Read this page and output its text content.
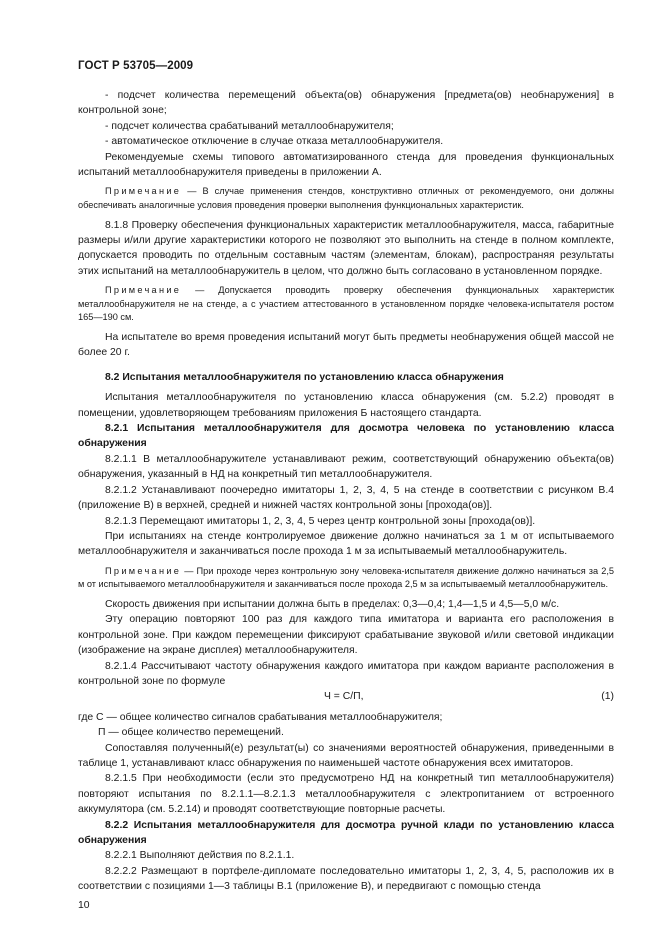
ГОСТ Р 53705—2009

- подсчет количества перемещений объекта(ов) обнаружения [предмета(ов) необнаружения] в контрольной зоне;

- подсчет количества срабатываний металлообнаружителя;

- автоматическое отключение в случае отказа металлообнаружителя.

Рекомендуемые схемы типового автоматизированного стенда для проведения функциональных испытаний металлообнаружителя приведены в приложении А.

Примечание — В случае применения стендов, конструктивно отличных от рекомендуемого, они должны обеспечивать аналогичные условия проведения проверки выполнения функциональных характеристик.

8.1.8 Проверку обеспечения функциональных характеристик металлообнаружителя, масса, габаритные размеры и/или другие характеристики которого не позволяют это выполнить на стенде в полном комплекте, допускается проводить по отдельным составным частям (элементам, блокам), распространяя результаты этих испытаний на металлообнаружитель в целом, что должно быть согласовано в установленном порядке.

Примечание — Допускается проводить проверку обеспечения функциональных характеристик металлообнаружителя не на стенде, а с участием аттестованного в установленном порядке человека-испытателя ростом 165—190 см.

На испытателе во время проведения испытаний могут быть предметы необнаружения общей массой не более 20 г.

8.2 Испытания металлообнаружителя по установлению класса обнаружения

Испытания металлообнаружителя по установлению класса обнаружения (см. 5.2.2) проводят в помещении, удовлетворяющем требованиям приложения Б настоящего стандарта.

8.2.1 Испытания металлообнаружителя для досмотра человека по установлению класса обнаружения

8.2.1.1 В металлообнаружителе устанавливают режим, соответствующий обнаружению объекта(ов) обнаружения, указанный в НД на конкретный тип металлообнаружителя.

8.2.1.2 Устанавливают поочередно имитаторы 1, 2, 3, 4, 5 на стенде в соответствии с рисунком В.4 (приложение В) в верхней, средней и нижней частях контрольной зоны [прохода(ов)].

8.2.1.3 Перемещают имитаторы 1, 2, 3, 4, 5 через центр контрольной зоны [прохода(ов)].

При испытаниях на стенде контролируемое движение должно начинаться за 1 м от испытываемого металлообнаружителя и заканчиваться после прохода 1 м за испытываемый металлообнаружитель.

Примечание — При проходе через контрольную зону человека-испытателя движение должно начинаться за 2,5 м от испытываемого металлообнаружителя и заканчиваться после прохода 2,5 м за испытываемый металлообнаружитель.

Скорость движения при испытании должна быть в пределах: 0,3—0,4; 1,4—1,5 и 4,5—5,0 м/с.

Эту операцию повторяют 100 раз для каждого типа имитатора и варианта его расположения в контрольной зоне. При каждом перемещении фиксируют срабатывание звуковой и/или световой индикации (изображение на экране дисплея) металлообнаружителя.

8.2.1.4 Рассчитывают частоту обнаружения каждого имитатора при каждом варианте расположения в контрольной зоне по формуле

Ч = С/П,	(1)

где С — общее количество сигналов срабатывания металлообнаружителя;

П — общее количество перемещений.

Сопоставляя полученный(е) результат(ы) со значениями вероятностей обнаружения, приведенными в таблице 1, устанавливают класс обнаружения по наименьшей частоте обнаружения всех имитаторов.

8.2.1.5 При необходимости (если это предусмотрено НД на конкретный тип металлообнаружителя) повторяют испытания по 8.2.1.1—8.2.1.3 металлообнаружителя с электропитанием от встроенного аккумулятора (см. 5.2.14) и проводят соответствующие повторные расчеты.

8.2.2 Испытания металлообнаружителя для досмотра ручной клади по установлению класса обнаружения

8.2.2.1 Выполняют действия по 8.2.1.1.

8.2.2.2 Размещают в портфеле-дипломате последовательно имитаторы 1, 2, 3, 4, 5, расположив их в соответствии с позициями 1—3 таблицы В.1 (приложение В), и передвигают с помощью стенда

10
